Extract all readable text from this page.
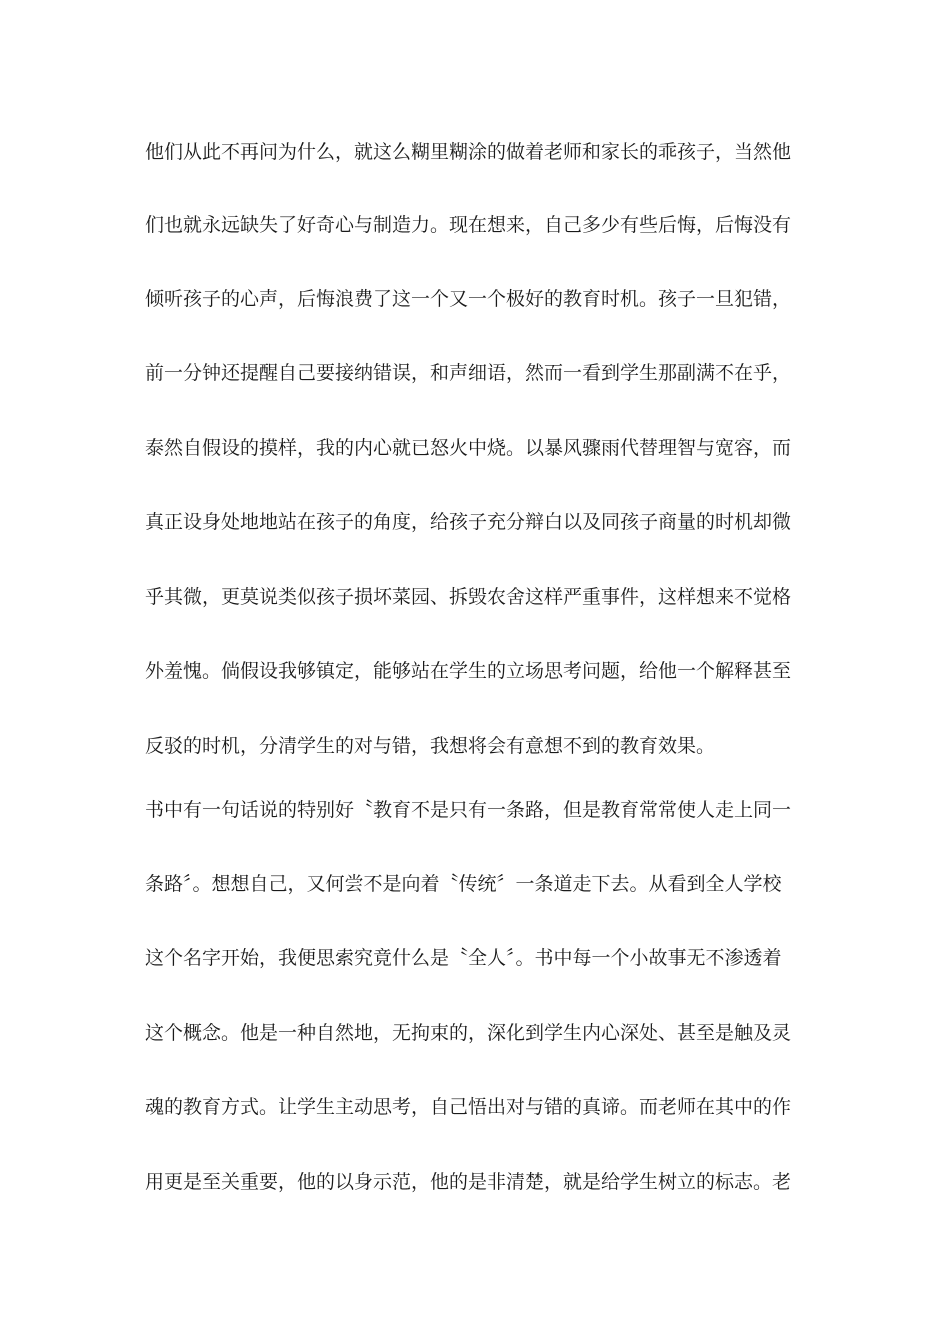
他们从此不再问为什么，就这么糊里糊涂的做着老师和家长的乖孩子，当然他
们也就永远缺失了好奇心与制造力。现在想来，自己多少有些后悔，后悔没有
倾听孩子的心声，后悔浪费了这一个又一个极好的教育时机。孩子一旦犯错，
前一分钟还提醒自己要接纳错误，和声细语，然而一看到学生那副满不在乎，
泰然自假设的摸样，我的内心就已怒火中烧。以暴风骤雨代替理智与宽容，而
真正设身处地地站在孩子的角度，给孩子充分辩白以及同孩子商量的时机却微
乎其微，更莫说类似孩子损坏菜园、拆毁农舍这样严重事件，这样想来不觉格
外羞愧。倘假设我够镇定，能够站在学生的立场思考问题，给他一个解释甚至
反驳的时机，分清学生的对与错，我想将会有意想不到的教育效果。
书中有一句话说的特别好〝教育不是只有一条路，但是教育常常使人走上同一
条路〞。想想自己，又何尝不是向着〝传统〞一条道走下去。从看到全人学校
这个名字开始，我便思索究竟什么是〝全人〞。书中每一个小故事无不渗透着
这个概念。他是一种自然地，无拘束的，深化到学生内心深处、甚至是触及灵
魂的教育方式。让学生主动思考，自己悟出对与错的真谛。而老师在其中的作
用更是至关重要，他的以身示范，他的是非清楚，就是给学生树立的标志。老
